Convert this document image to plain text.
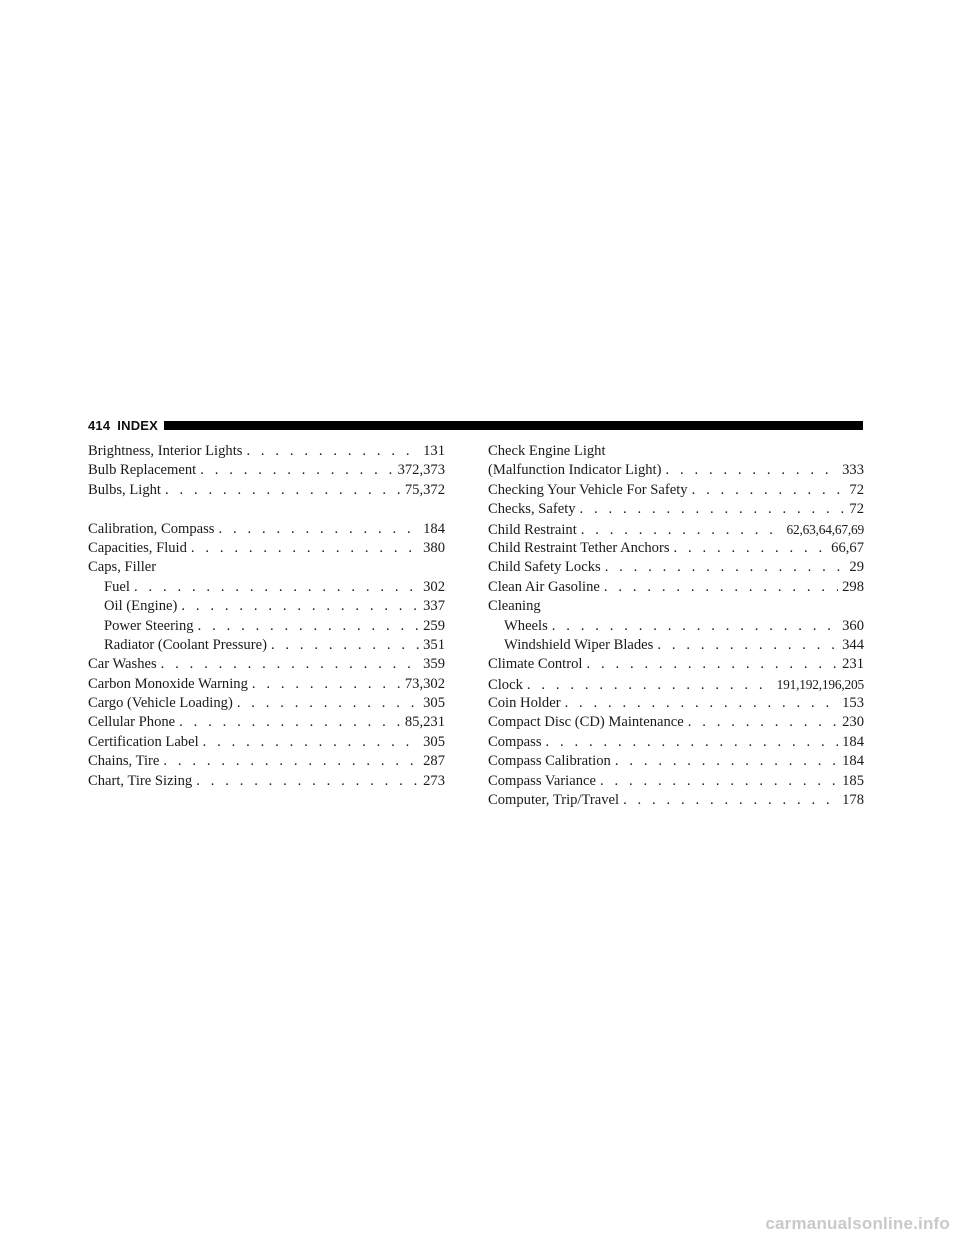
414 INDEX
Brightness, Interior Lights . . .	131
Bulb Replacement . . .	372,373
Bulbs, Light . . .	75,372
Calibration, Compass . . .	184
Capacities, Fluid . . .	380
Caps, Filler
Fuel . . .	302
Oil (Engine) . . .	337
Power Steering . . .	259
Radiator (Coolant Pressure) . . .	351
Car Washes . . .	359
Carbon Monoxide Warning . . .	73,302
Cargo (Vehicle Loading) . . .	305
Cellular Phone . . .	85,231
Certification Label . . .	305
Chains, Tire . . .	287
Chart, Tire Sizing . . .	273
Check Engine Light
(Malfunction Indicator Light) . . .	333
Checking Your Vehicle For Safety . . .	72
Checks, Safety . . .	72
Child Restraint . . .	62,63,64,67,69
Child Restraint Tether Anchors . . .	66,67
Child Safety Locks . . .	29
Clean Air Gasoline . . .	298
Cleaning
Wheels . . .	360
Windshield Wiper Blades . . .	344
Climate Control . . .	231
Clock . . .	191,192,196,205
Coin Holder . . .	153
Compact Disc (CD) Maintenance . . .	230
Compass . . .	184
Compass Calibration . . .	184
Compass Variance . . .	185
Computer, Trip/Travel . . .	178
carmanualsonline.info
